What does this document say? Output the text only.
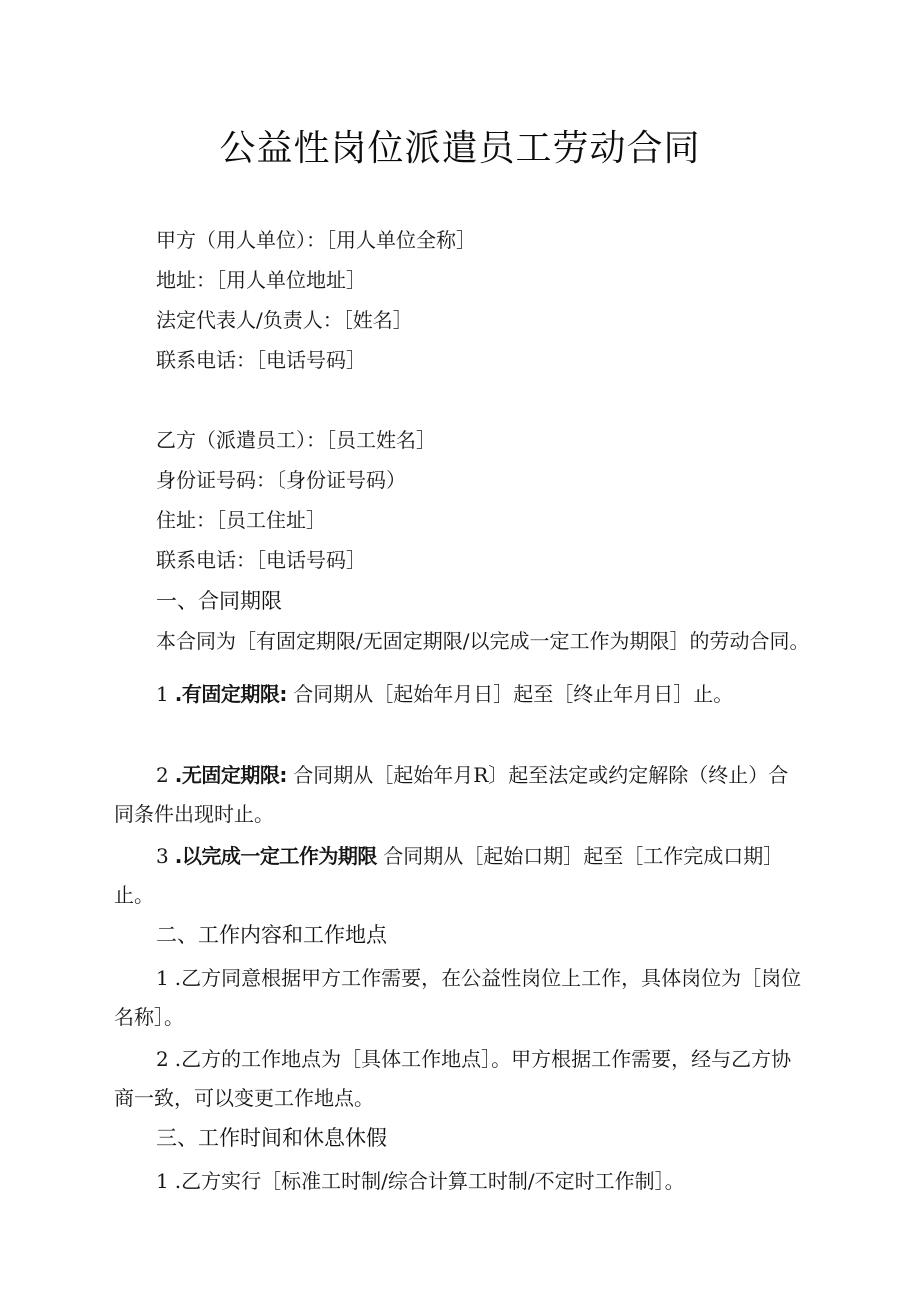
公益性岗位派遣员工劳动合同
甲方（用人单位）：［用人单位全称］
地址：［用人单位地址］
法定代表人/负责人：［姓名］
联系电话：［电话号码］
乙方（派遣员工）：［员工姓名］
身份证号码：〔身份证号码）
住址：［员工住址］
联系电话：［电话号码］
一、合同期限
本合同为［有固定期限/无固定期限/以完成一定工作为期限］的劳动合同。
1 .有固定期限: 合同期从［起始年月日］起至［终止年月日］止。
2 .无固定期限: 合同期从［起始年月R〕起至法定或约定解除（终止）合
同条件出现时止。
3 .以完成一定工作为期限 合同期从［起始口期］起至［工作完成口期］
止。
二、工作内容和工作地点
1 .乙方同意根据甲方工作需要，在公益性岗位上工作，具体岗位为［岗位
名称］。
2 .乙方的工作地点为［具体工作地点］。甲方根据工作需要，经与乙方协
商一致，可以变更工作地点。
三、工作时间和休息休假
1 .乙方实行［标准工时制/综合计算工时制/不定时工作制］。
